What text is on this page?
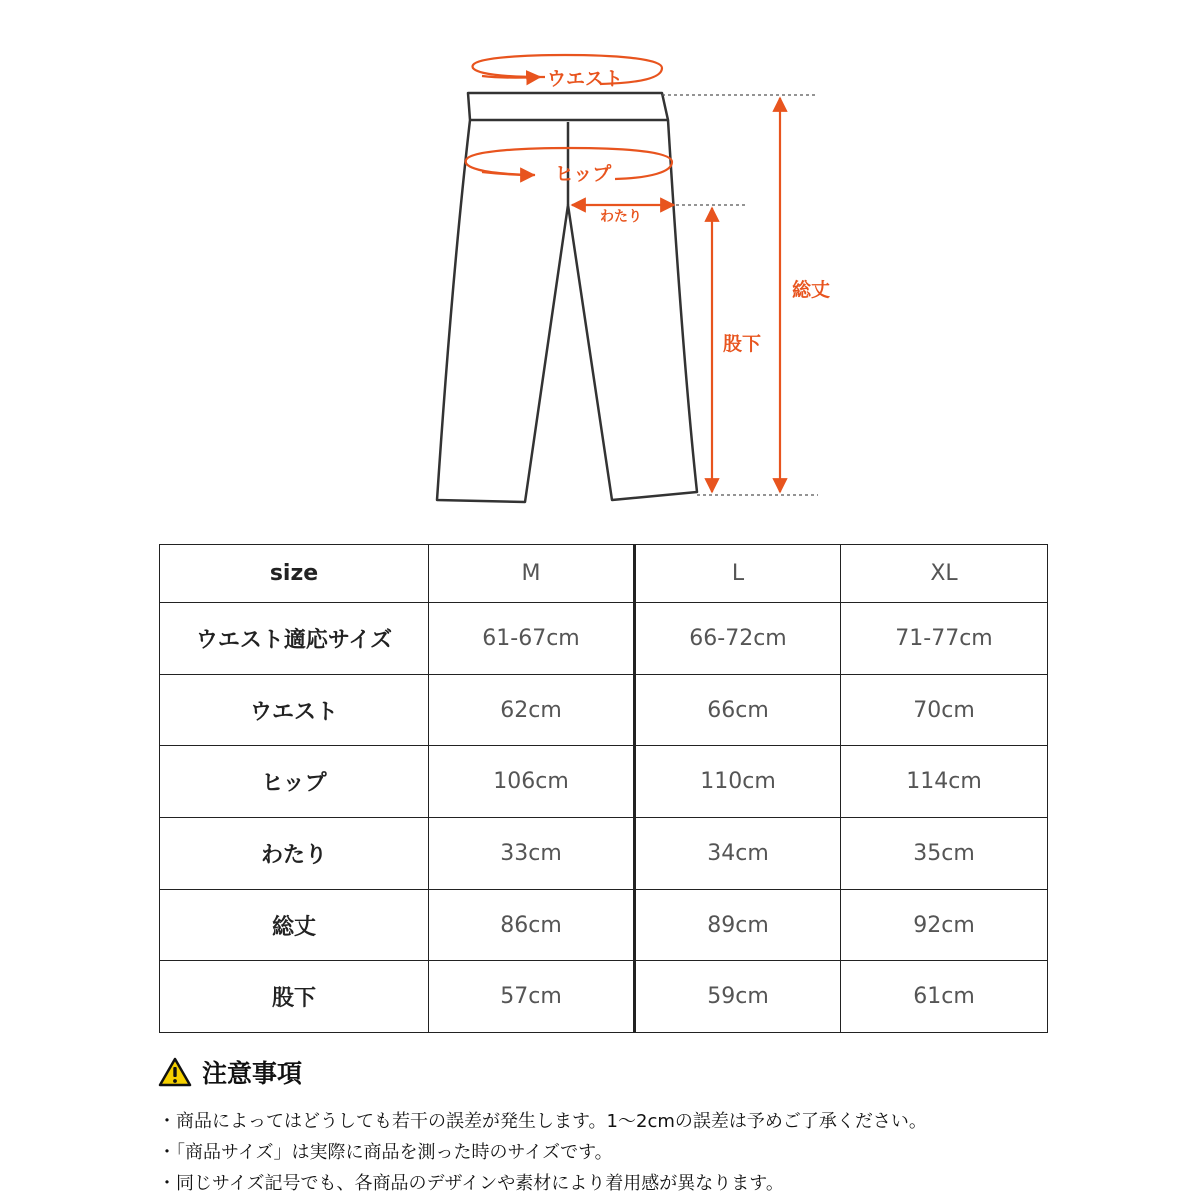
ウエスト
ヒップ
わたり
股下
総丈
size	M	L	XL
ウエスト適応サイズ	61-67cm	66-72cm	71-77cm
ウエスト	62cm	66cm	70cm
ヒップ	106cm	110cm	114cm
わたり	33cm	34cm	35cm
総丈	86cm	89cm	92cm
股下	57cm	59cm	61cm
注意事項
・商品によってはどうしても若干の誤差が発生します。1〜2cmの誤差は予めご了承ください。
・「商品サイズ」は実際に商品を測った時のサイズです。
・同じサイズ記号でも、各商品のデザインや素材により着用感が異なります。
